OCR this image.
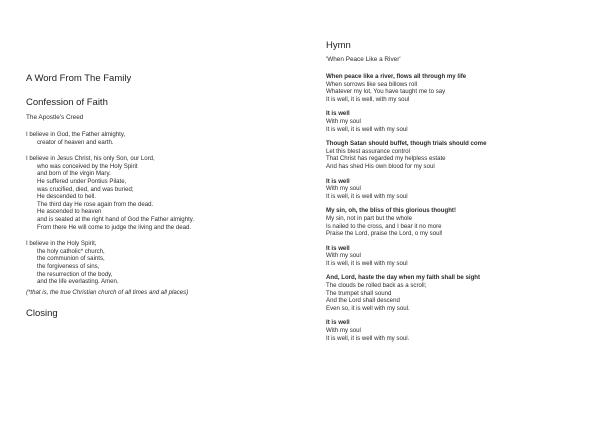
A Word From The Family
Confession of Faith
The Apostle's Creed
I believe in God, the Father almighty,
creator of heaven and earth.
I believe in Jesus Christ, his only Son, our Lord,
who was conceived by the Holy Spirit
and born of the virgin Mary.
He suffered under Pontius Pilate,
was crucified, died, and was buried;
He descended to hell.
The third day He rose again from the dead.
He ascended to heaven
and is seated at the right hand of God the Father almighty.
From there He will come to judge the living and the dead.
I believe in the Holy Spirit,
the holy catholic* church,
the communion of saints,
the forgiveness of sins,
the resurrection of the body,
and the life everlasting. Amen.
(*that is, the true Christian church of all times and all places)
Closing
Hymn
'When Peace Like a River'
When peace like a river, flows all through my life
When sorrows like sea billows roll
Whatever my lot, You have taught me to say
It is well, it is well, with my soul
It is well
With my soul
It is well, it is well with my soul
Though Satan should buffet, though trials should come
Let this blest assurance control
That Christ has regarded my helpless estate
And has shed His own blood for my soul
It is well
With my soul
It is well, it is well with my soul
My sin, oh, the bliss of this glorious thought!
My sin, not in part but the whole
Is nailed to the cross, and I bear it no more
Praise the Lord, praise the Lord, o my soul!
It is well
With my soul
It is well, it is well with my soul
And, Lord, haste the day when my faith shall be sight
The clouds be rolled back as a scroll;
The trumpet shall sound
And the Lord shall descend
Even so, it is well with my soul.
It is well
With my soul
It is well, it is well with my soul.
